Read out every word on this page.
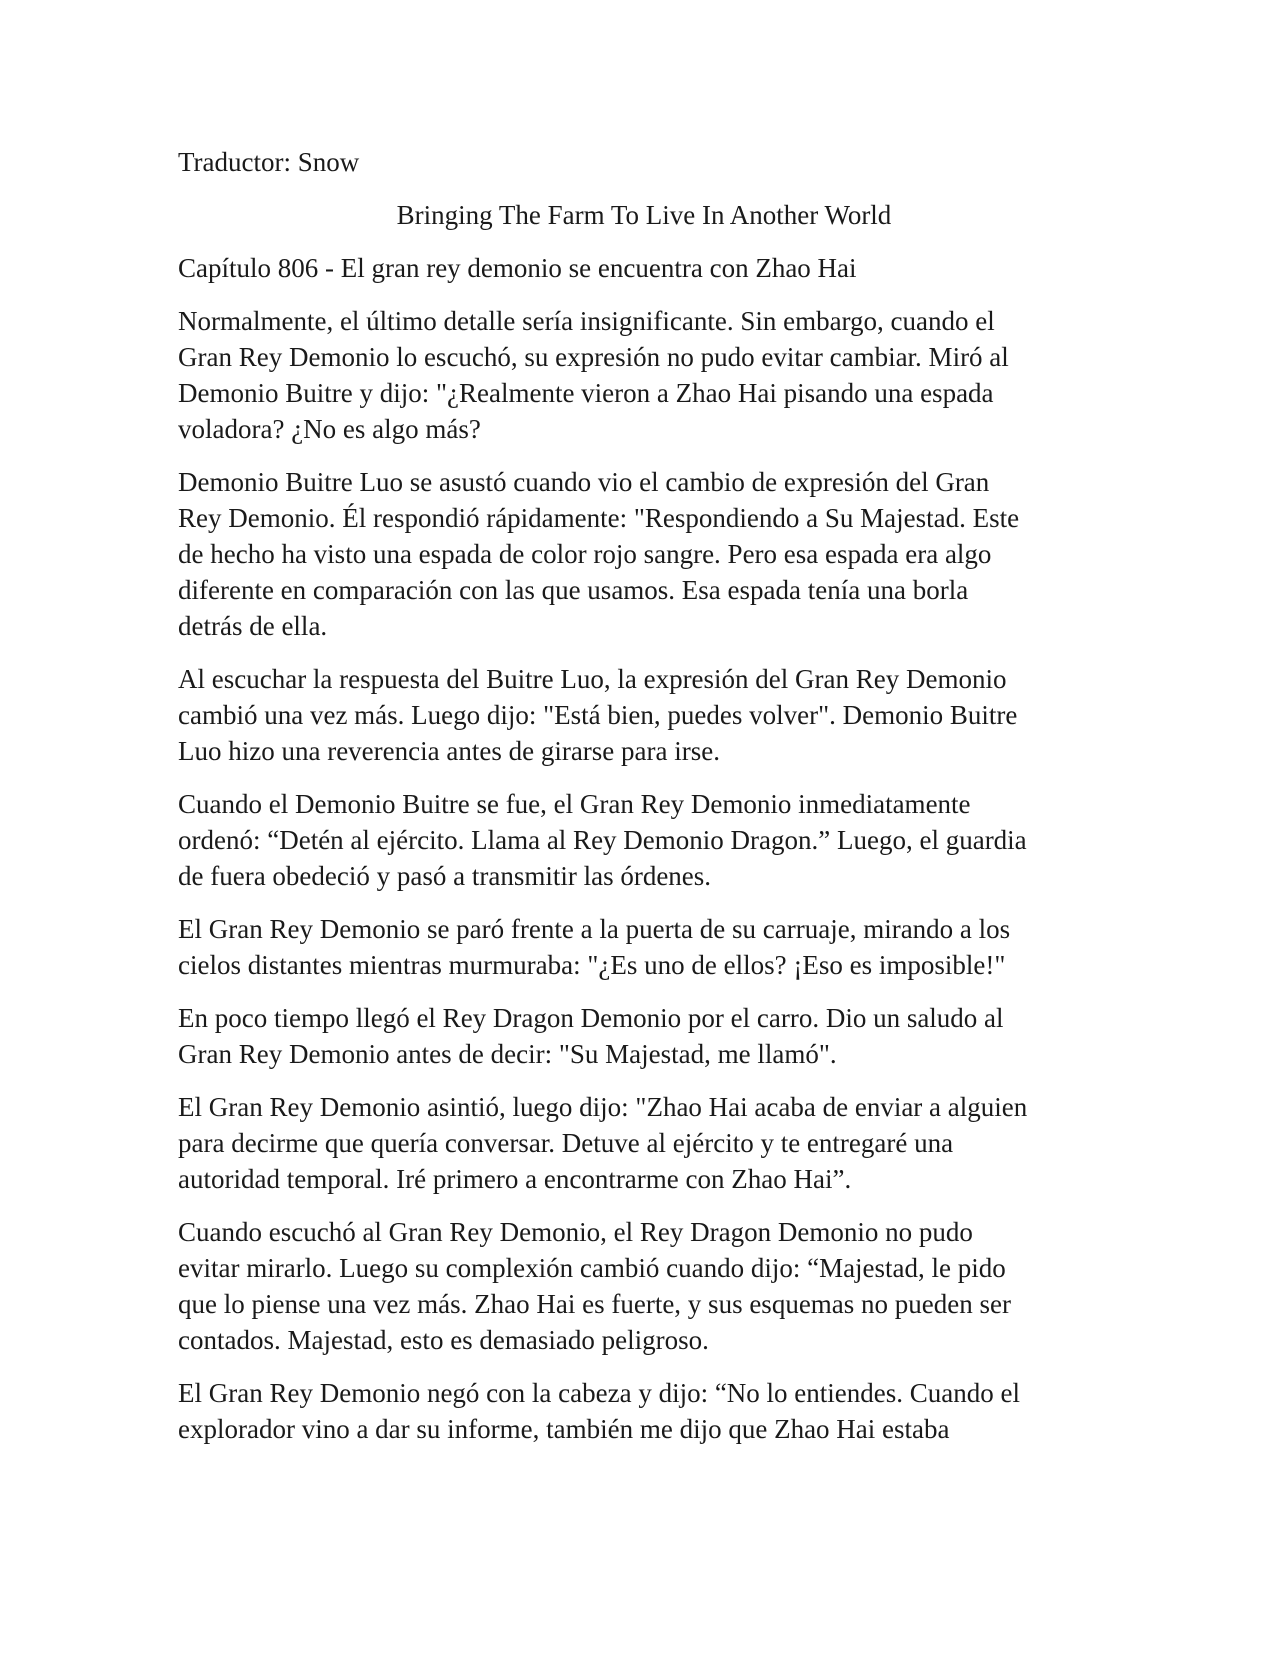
Traductor: Snow
Bringing The Farm To Live In Another World
Capítulo 806 - El gran rey demonio se encuentra con Zhao Hai
Normalmente, el último detalle sería insignificante. Sin embargo, cuando el
Gran Rey Demonio lo escuchó, su expresión no pudo evitar cambiar. Miró al
Demonio Buitre y dijo: "¿Realmente vieron a Zhao Hai pisando una espada
voladora? ¿No es algo más?
Demonio Buitre Luo se asustó cuando vio el cambio de expresión del Gran
Rey Demonio. Él respondió rápidamente: "Respondiendo a Su Majestad. Este
de hecho ha visto una espada de color rojo sangre. Pero esa espada era algo
diferente en comparación con las que usamos. Esa espada tenía una borla
detrás de ella.
Al escuchar la respuesta del Buitre Luo, la expresión del Gran Rey Demonio
cambió una vez más. Luego dijo: "Está bien, puedes volver". Demonio Buitre
Luo hizo una reverencia antes de girarse para irse.
Cuando el Demonio Buitre se fue, el Gran Rey Demonio inmediatamente
ordenó: “Detén al ejército. Llama al Rey Demonio Dragon.” Luego, el guardia
de fuera obedeció y pasó a transmitir las órdenes.
El Gran Rey Demonio se paró frente a la puerta de su carruaje, mirando a los
cielos distantes mientras murmuraba: "¿Es uno de ellos? ¡Eso es imposible!"
En poco tiempo llegó el Rey Dragon Demonio por el carro. Dio un saludo al
Gran Rey Demonio antes de decir: "Su Majestad, me llamó".
El Gran Rey Demonio asintió, luego dijo: "Zhao Hai acaba de enviar a alguien
para decirme que quería conversar. Detuve al ejército y te entregaré una
autoridad temporal. Iré primero a encontrarme con Zhao Hai”.
Cuando escuchó al Gran Rey Demonio, el Rey Dragon Demonio no pudo
evitar mirarlo. Luego su complexión cambió cuando dijo: “Majestad, le pido
que lo piense una vez más. Zhao Hai es fuerte, y sus esquemas no pueden ser
contados. Majestad, esto es demasiado peligroso.
El Gran Rey Demonio negó con la cabeza y dijo: “No lo entiendes. Cuando el
explorador vino a dar su informe, también me dijo que Zhao Hai estaba
